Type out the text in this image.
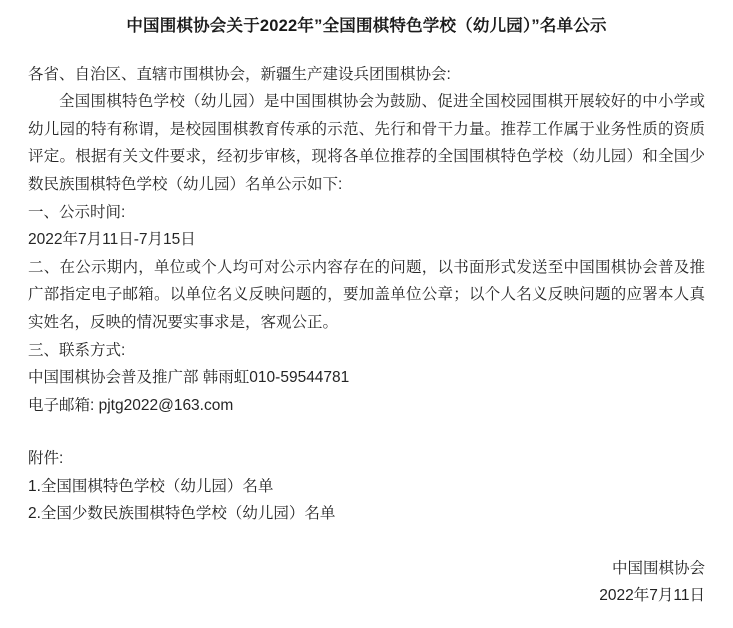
中国围棋协会关于2022年”全国围棋特色学校（幼儿园）”名单公示

各省、自治区、直辖市围棋协会，新疆生产建设兵团围棋协会:

全国围棋特色学校（幼儿园）是中国围棋协会为鼓励、促进全国校园围棋开展较好的中小学或幼儿园的特有称谓，是校园围棋教育传承的示范、先行和骨干力量。推荐工作属于业务性质的资质评定。根据有关文件要求，经初步审核，现将各单位推荐的全国围棋特色学校（幼儿园）和全国少数民族围棋特色学校（幼儿园）名单公示如下:

一、公示时间:

2022年7月11日-7月15日

二、在公示期内，单位或个人均可对公示内容存在的问题，以书面形式发送至中国围棋协会普及推广部指定电子邮箱。以单位名义反映问题的，要加盖单位公章；以个人名义反映问题的应署本人真实姓名，反映的情况要实事求是，客观公正。

三、联系方式:

中国围棋协会普及推广部 韩雨虹010-59544781

电子邮箱: pjtg2022@163.com

附件:

1.全国围棋特色学校（幼儿园）名单

2.全国少数民族围棋特色学校（幼儿园）名单

中国围棋协会
2022年7月11日
